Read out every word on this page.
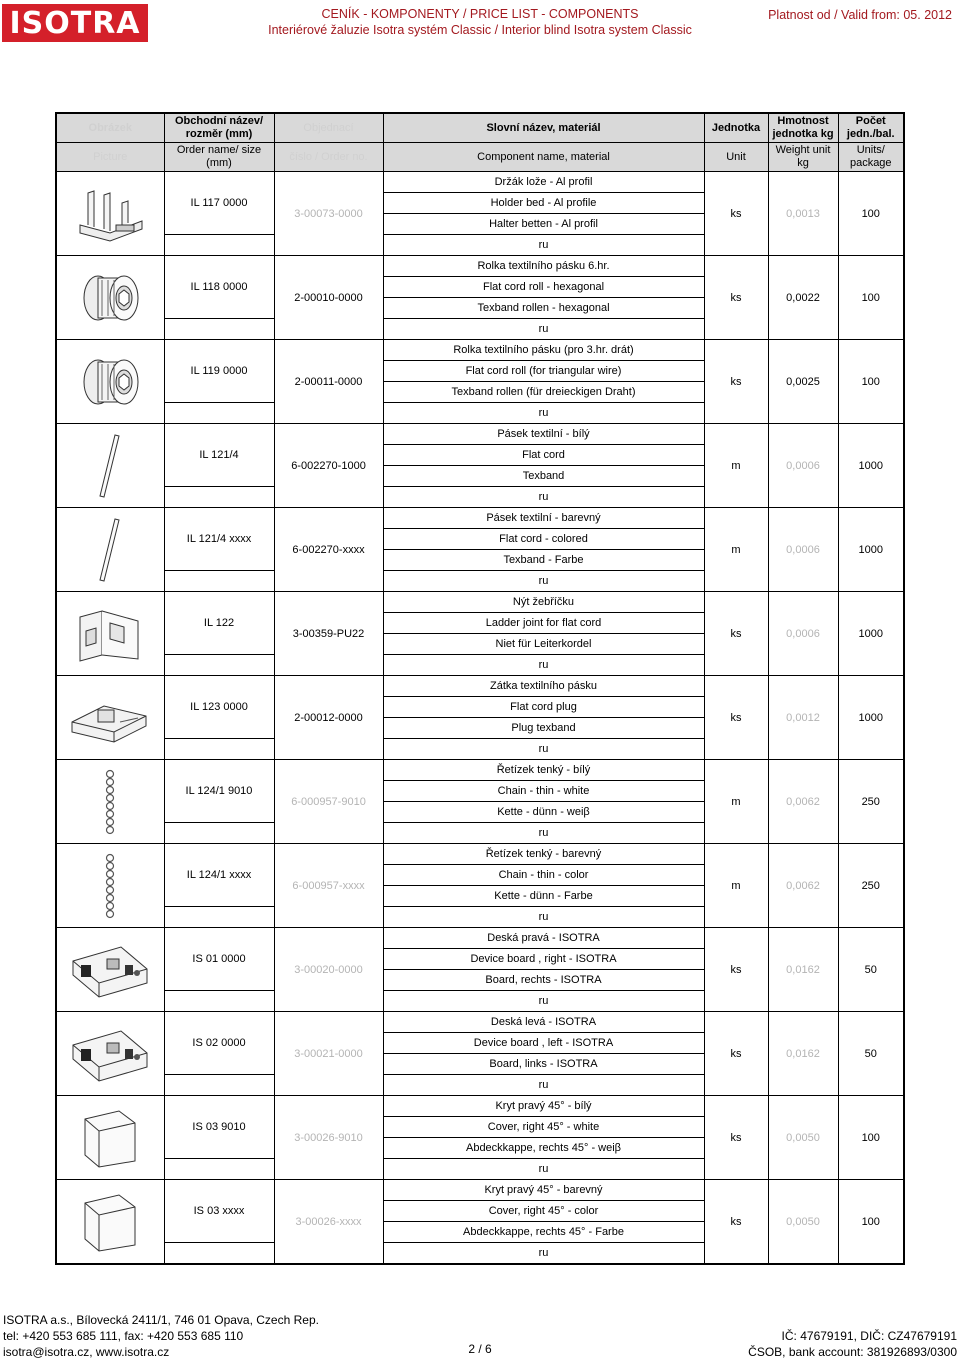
ISOTRA	CENÍK - KOMPONENTY / PRICE LIST - COMPONENTS
Interiérové žaluzie Isotra systém Classic / Interior blind Isotra system Classic
Platnost od / Valid from: 05. 2012
Obrázek	Obchodní název/ rozměr (mm)	Objednací	Slovní název, materiál	Jednotka	Hmotnost jednotka kg	Počet jedn./bal.
Picture	Order name/ size (mm)	číslo / Order no.	Component name, material	Unit	Weight unit kg	Units/ package

	IL 117 0000	3-00073-0000	Držák lože - Al profil	ks	0,0013	100
			Holder bed - Al profile			
			Halter betten - Al profil			
			ru			

	IL 118 0000	2-00010-0000	Rolka textilního pásku 6.hr.	ks	0,0022	100
			Flat cord roll - hexagonal			
			Texband rollen - hexagonal			
			ru			

	IL 119 0000	2-00011-0000	Rolka textilního pásku (pro 3.hr. drát)	ks	0,0025	100
			Flat cord roll (for triangular wire)			
			Texband rollen (für dreieckigen Draht)			
			ru			

	IL 121/4	6-002270-1000	Pásek textilní - bílý	m	0,0006	1000
			Flat cord			
			Texband			
			ru			

	IL 121/4 xxxx	6-002270-xxxx	Pásek textilní - barevný	m	0,0006	1000
			Flat cord - colored			
			Texband - Farbe			
			ru			

	IL 122	3-00359-PU22	Nýt žebříčku	ks	0,0006	1000
			Ladder joint for flat cord			
			Niet für Leiterkordel			
			ru			

	IL 123 0000	2-00012-0000	Zátka textilního pásku	ks	0,0012	1000
			Flat cord plug			
			Plug texband			
			ru			

	IL 124/1 9010	6-000957-9010	Řetízek tenký - bílý	m	0,0062	250
			Chain - thin - white			
			Kette - dünn - weiβ			
			ru			

	IL 124/1 xxxx	6-000957-xxxx	Řetízek tenký - barevný	m	0,0062	250
			Chain - thin - color			
			Kette - dünn - Farbe			
			ru			

	IS 01 0000	3-00020-0000	Deská pravá - ISOTRA	ks	0,0162	50
			Device board , right - ISOTRA			
			Board, rechts - ISOTRA			
			ru			

	IS 02 0000	3-00021-0000	Deská levá - ISOTRA	ks	0,0162	50
			Device board , left - ISOTRA			
			Board, links - ISOTRA			
			ru			

	IS 03 9010	3-00026-9010	Kryt pravý 45° - bílý	ks	0,0050	100
			Cover, right 45° - white			
			Abdeckkappe, rechts 45° - weiβ			
			ru			

	IS 03 xxxx	3-00026-xxxx	Kryt pravý 45° - barevný	ks	0,0050	100
			Cover, right 45° - color			
			Abdeckkappe, rechts 45° - Farbe			
			ru			
ISOTRA a.s., Bílovecká 2411/1, 746 01 Opava, Czech Rep.
tel: +420 553 685 111, fax: +420 553 685 110
isotra@isotra.cz, www.isotra.cz	2 / 6
IČ: 47679191, DIČ: CZ47679191
ČSOB, bank account: 381926893/0300
